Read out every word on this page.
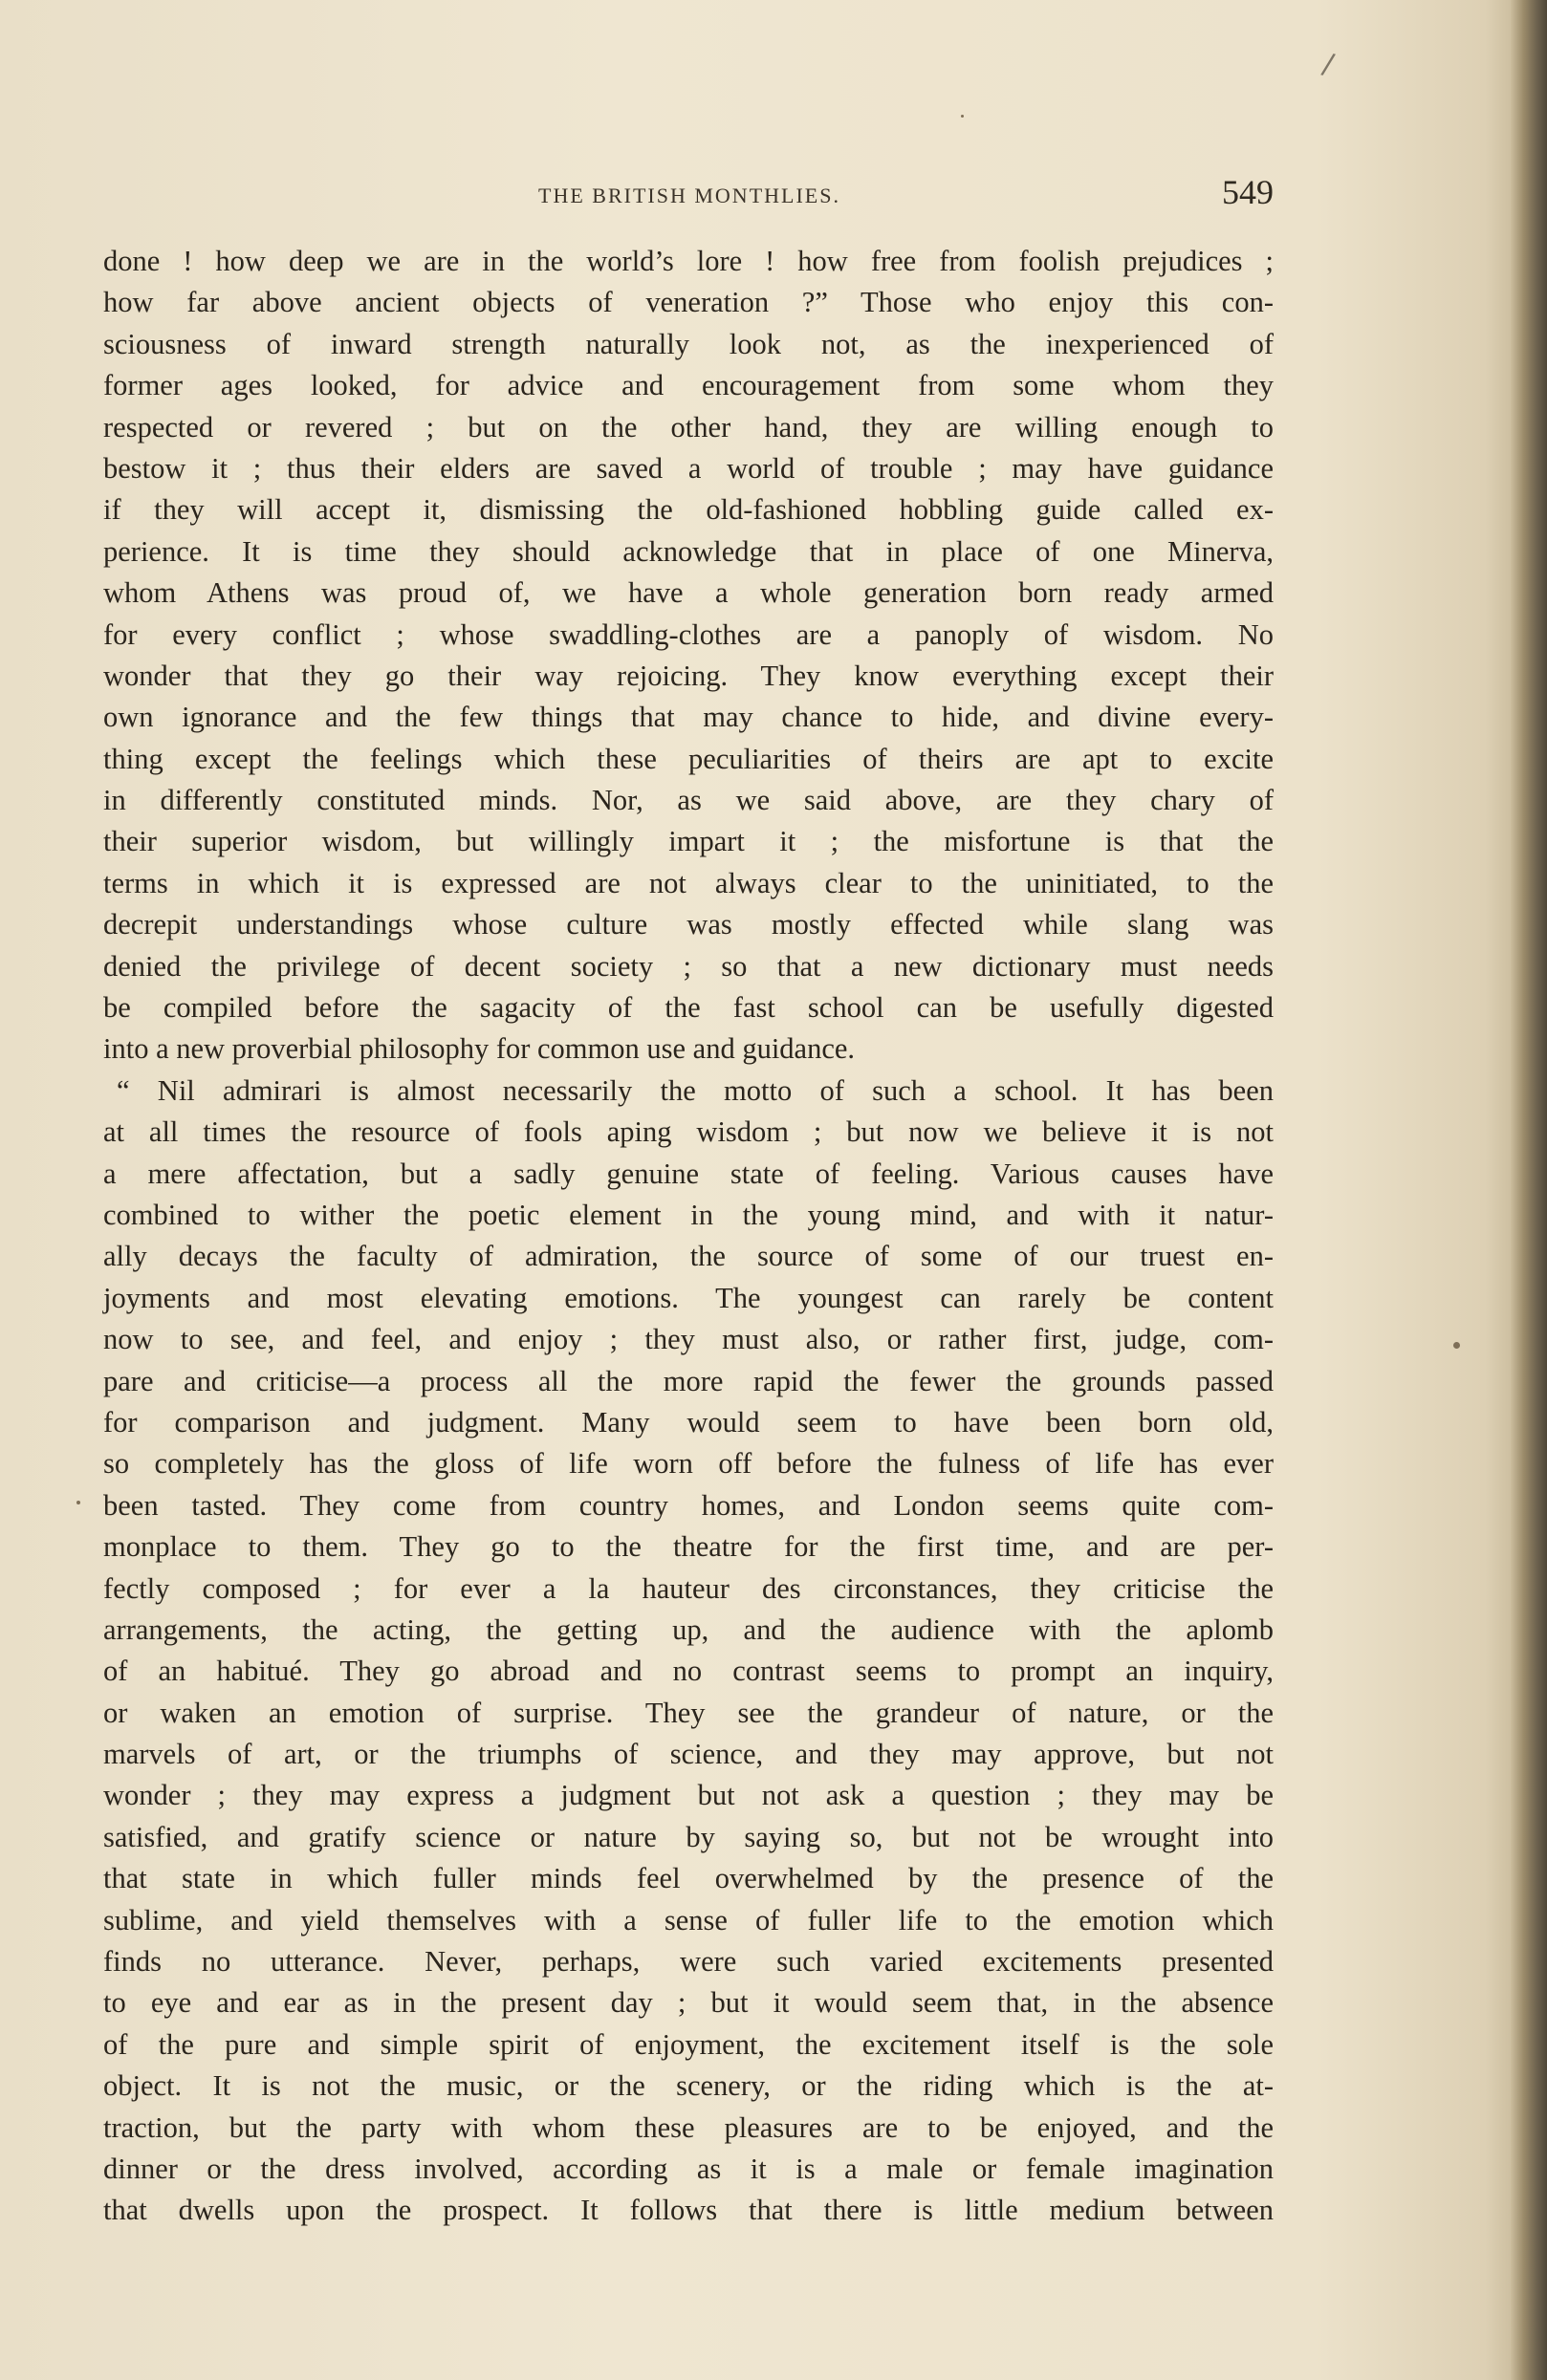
/
THE BRITISH MONTHLIES.	549
done ! how deep we are in the world’s lore ! how free from foolish prejudices ;
how far above ancient objects of veneration ?” Those who enjoy this con-
sciousness of inward strength naturally look not, as the inexperienced of
former ages looked, for advice and encouragement from some whom they
respected or revered ; but on the other hand, they are willing enough to
bestow it ; thus their elders are saved a world of trouble ; may have guidance
if they will accept it, dismissing the old-fashioned hobbling guide called ex-
perience. It is time they should acknowledge that in place of one Minerva,
whom Athens was proud of, we have a whole generation born ready armed
for every conflict ; whose swaddling-clothes are a panoply of wisdom. No
wonder that they go their way rejoicing. They know everything except their
own ignorance and the few things that may chance to hide, and divine every-
thing except the feelings which these peculiarities of theirs are apt to excite
in differently constituted minds. Nor, as we said above, are they chary of
their superior wisdom, but willingly impart it ; the misfortune is that the
terms in which it is expressed are not always clear to the uninitiated, to the
decrepit understandings whose culture was mostly effected while slang was
denied the privilege of decent society ; so that a new dictionary must needs
be compiled before the sagacity of the fast school can be usefully digested
into a new proverbial philosophy for common use and guidance.
“ Nil admirari is almost necessarily the motto of such a school. It has been
at all times the resource of fools aping wisdom ; but now we believe it is not
a mere affectation, but a sadly genuine state of feeling. Various causes have
combined to wither the poetic element in the young mind, and with it natur-
ally decays the faculty of admiration, the source of some of our truest en-
joyments and most elevating emotions. The youngest can rarely be content
now to see, and feel, and enjoy ; they must also, or rather first, judge, com-
pare and criticise—a process all the more rapid the fewer the grounds passed
for comparison and judgment. Many would seem to have been born old,
so completely has the gloss of life worn off before the fulness of life has ever
been tasted. They come from country homes, and London seems quite com-
monplace to them. They go to the theatre for the first time, and are per-
fectly composed ; for ever a la hauteur des circonstances, they criticise the
arrangements, the acting, the getting up, and the audience with the aplomb
of an habitué. They go abroad and no contrast seems to prompt an inquiry,
or waken an emotion of surprise. They see the grandeur of nature, or the
marvels of art, or the triumphs of science, and they may approve, but not
wonder ; they may express a judgment but not ask a question ; they may be
satisfied, and gratify science or nature by saying so, but not be wrought into
that state in which fuller minds feel overwhelmed by the presence of the
sublime, and yield themselves with a sense of fuller life to the emotion which
finds no utterance. Never, perhaps, were such varied excitements presented
to eye and ear as in the present day ; but it would seem that, in the absence
of the pure and simple spirit of enjoyment, the excitement itself is the sole
object. It is not the music, or the scenery, or the riding which is the at-
traction, but the party with whom these pleasures are to be enjoyed, and the
dinner or the dress involved, according as it is a male or female imagination
that dwells upon the prospect. It follows that there is little medium between
